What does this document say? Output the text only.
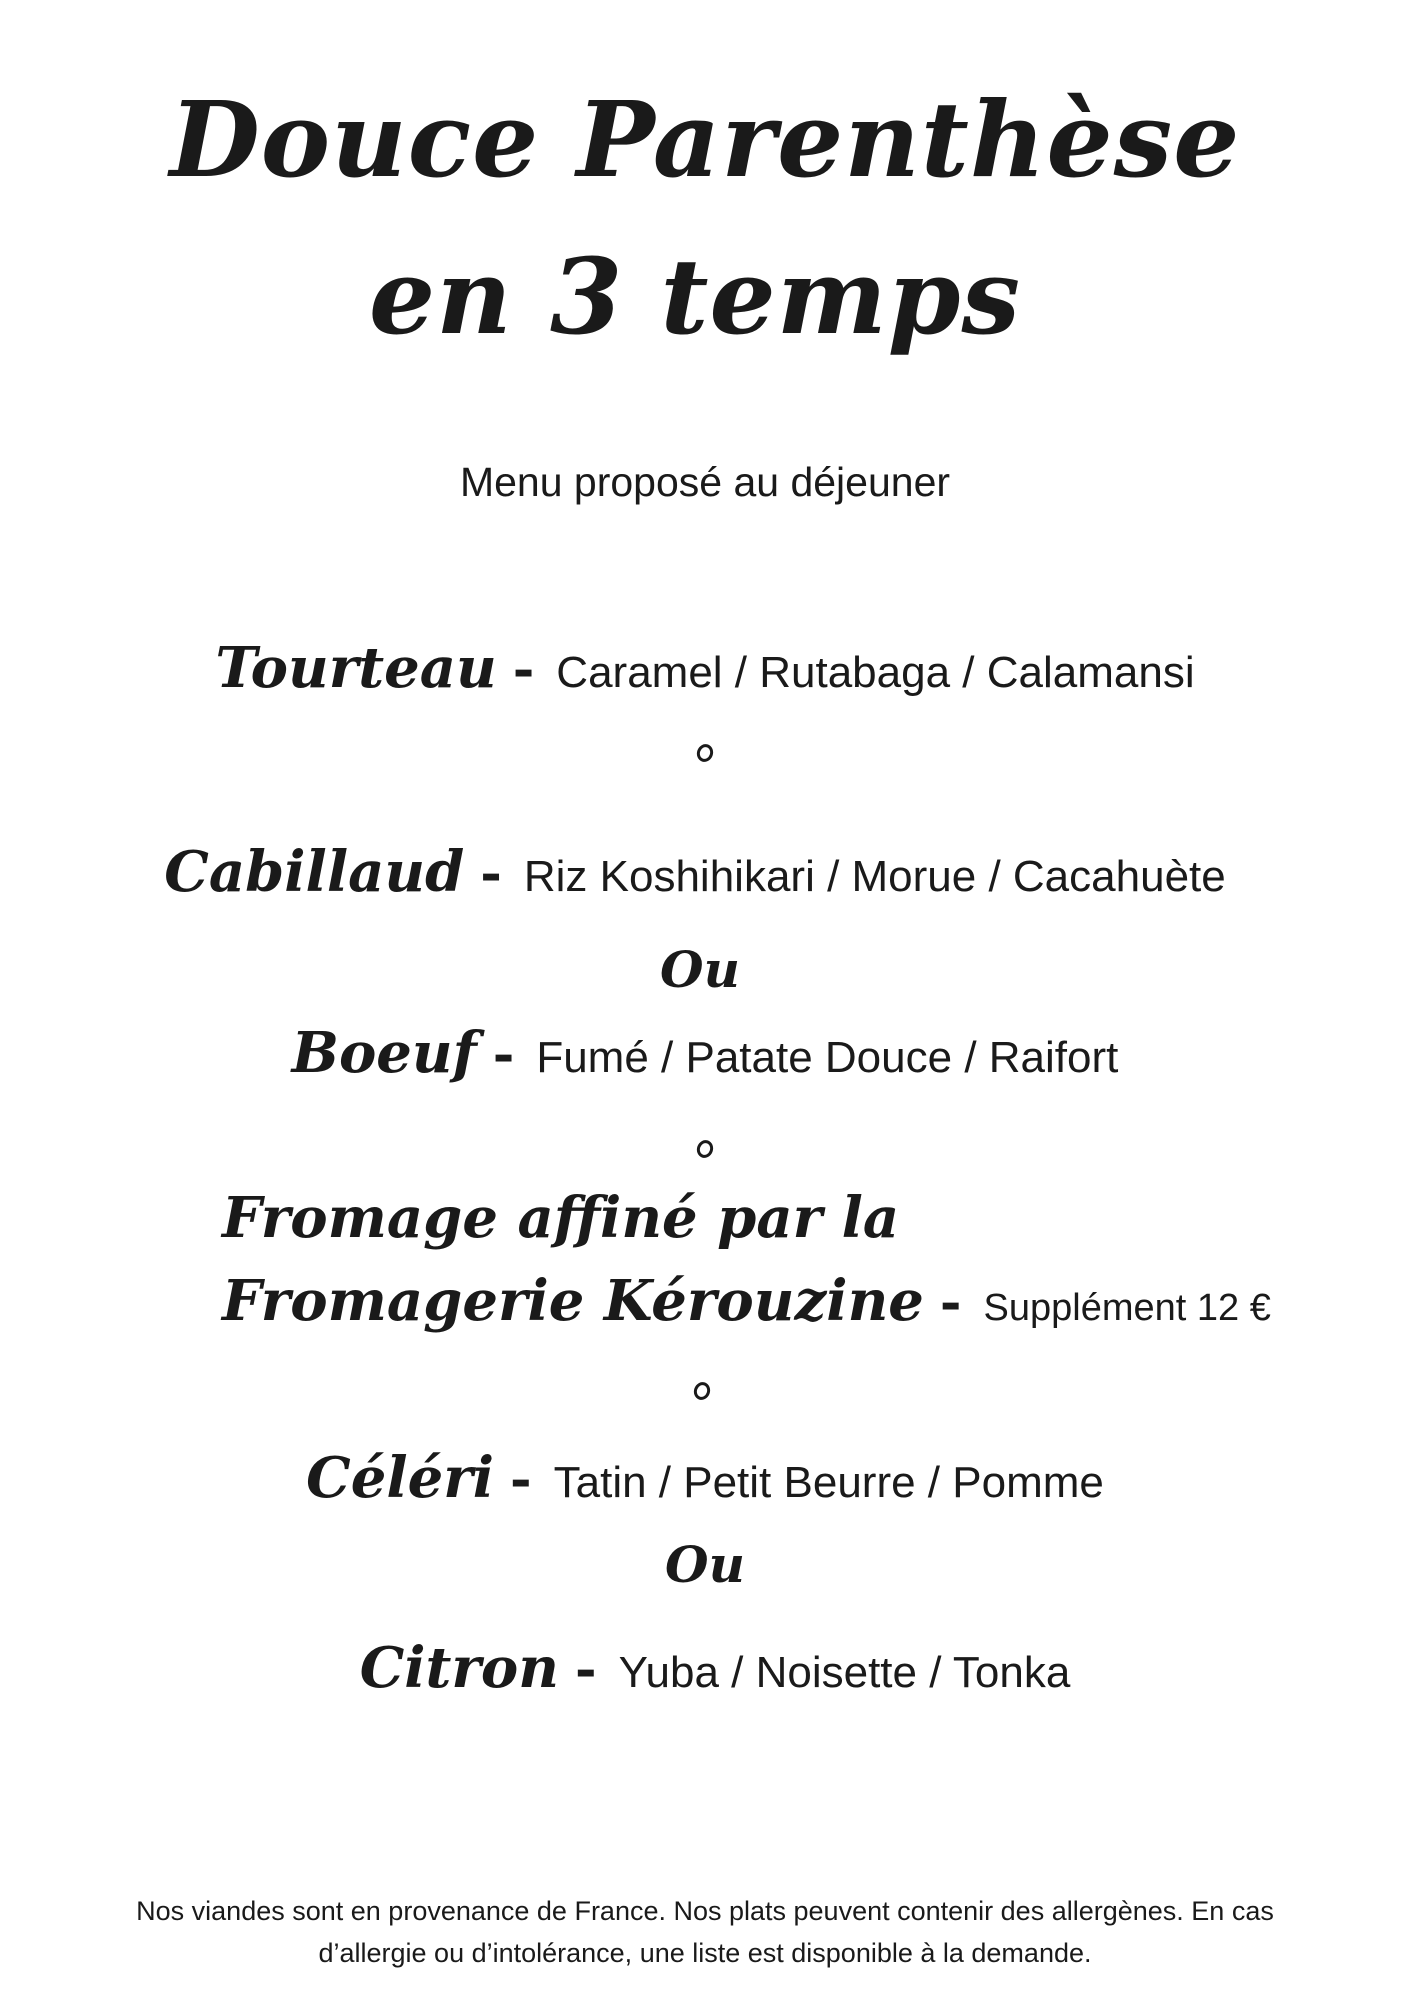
Douce Parenthèse
en 3 temps

Menu proposé au déjeuner

Tourteau - Caramel / Rutabaga / Calamansi
Cabillaud - Riz Koshihikari / Morue / Cacahuète
Ou
Boeuf - Fumé / Patate Douce / Raifort
Fromage affiné par la
Fromagerie Kérouzine - Supplément 12 €
Céléri - Tatin / Petit Beurre / Pomme
Ou
Citron - Yuba / Noisette / Tonka

Nos viandes sont en provenance de France. Nos plats peuvent contenir des allergènes. En cas
d’allergie ou d’intolérance, une liste est disponible à la demande.
